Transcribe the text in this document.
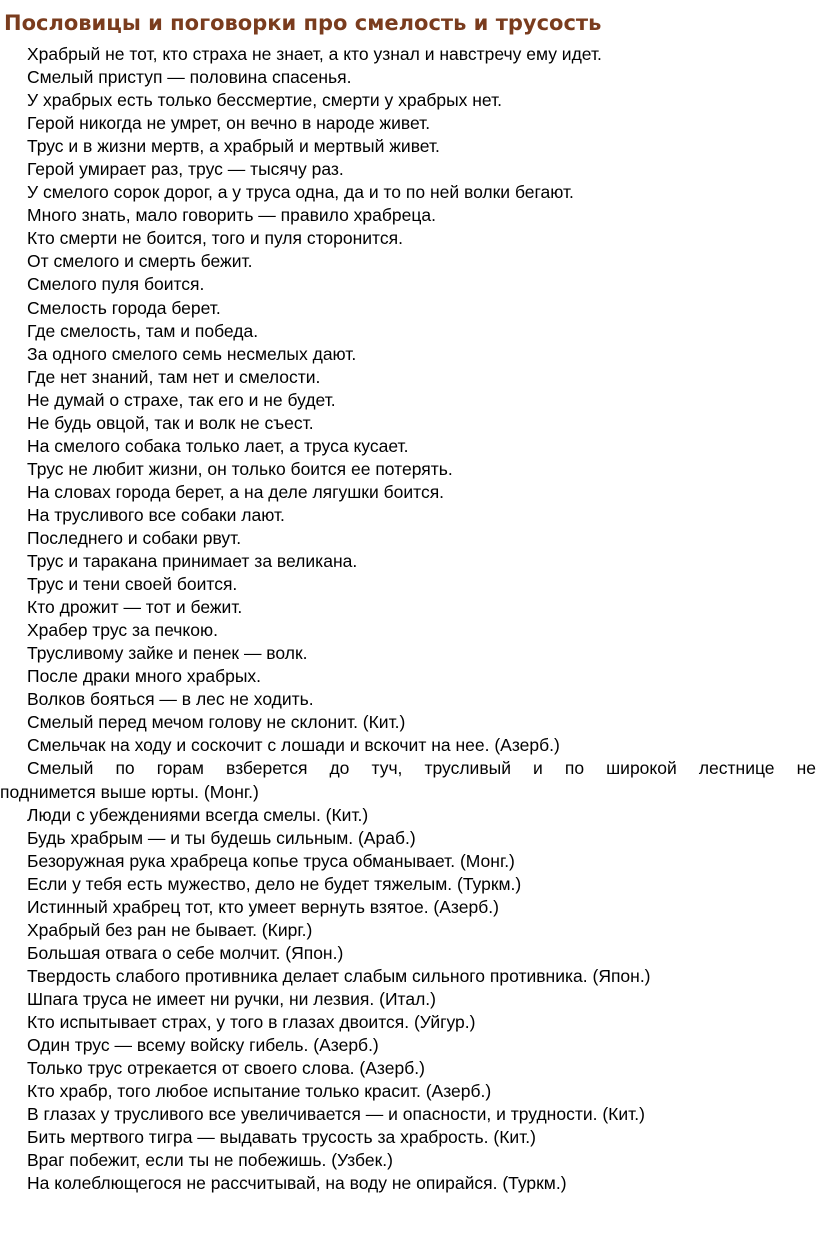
Пословицы и поговорки про смелость и трусость
Храбрый не тот, кто страха не знает, а кто узнал и навстречу ему идет.
Смелый приступ — половина спасенья.
У храбрых есть только бессмертие, смерти у храбрых нет.
Герой никогда не умрет, он вечно в народе живет.
Трус и в жизни мертв, а храбрый и мертвый живет.
Герой умирает раз, трус — тысячу раз.
У смелого сорок дорог, а у труса одна, да и то по ней волки бегают.
Много знать, мало говорить — правило храбреца.
Кто смерти не боится, того и пуля сторонится.
От смелого и смерть бежит.
Смелого пуля боится.
Смелость города берет.
Где смелость, там и победа.
За одного смелого семь несмелых дают.
Где нет знаний, там нет и смелости.
Не думай о страхе, так его и не будет.
Не будь овцой, так и волк не съест.
На смелого собака только лает, а труса кусает.
Трус не любит жизни, он только боится ее потерять.
На словах города берет, а на деле лягушки боится.
На трусливого все собаки лают.
Последнего и собаки рвут.
Трус и таракана принимает за великана.
Трус и тени своей боится.
Кто дрожит — тот и бежит.
Храбер трус за печкою.
Трусливому зайке и пенек — волк.
После драки много храбрых.
Волков бояться — в лес не ходить.
Смелый перед мечом голову не склонит. (Кит.)
Смельчак на ходу и соскочит с лошади и вскочит на нее. (Азерб.)
Смелый по горам взберется до туч, трусливый и по широкой лестнице не
поднимется выше юрты. (Монг.)
Люди с убеждениями всегда смелы. (Кит.)
Будь храбрым — и ты будешь сильным. (Араб.)
Безоружная рука храбреца копье труса обманывает. (Монг.)
Если у тебя есть мужество, дело не будет тяжелым. (Туркм.)
Истинный храбрец тот, кто умеет вернуть взятое. (Азерб.)
Храбрый без ран не бывает. (Кирг.)
Большая отвага о себе молчит. (Япон.)
Твердость слабого противника делает слабым сильного противника. (Япон.)
Шпага труса не имеет ни ручки, ни лезвия. (Итал.)
Кто испытывает страх, у того в глазах двоится. (Уйгур.)
Один трус — всему войску гибель. (Азерб.)
Только трус отрекается от своего слова. (Азерб.)
Кто храбр, того любое испытание только красит. (Азерб.)
В глазах у трусливого все увеличивается — и опасности, и трудности. (Кит.)
Бить мертвого тигра — выдавать трусость за храбрость. (Кит.)
Враг побежит, если ты не побежишь. (Узбек.)
На колеблющегося не рассчитывай, на воду не опирайся. (Туркм.)
